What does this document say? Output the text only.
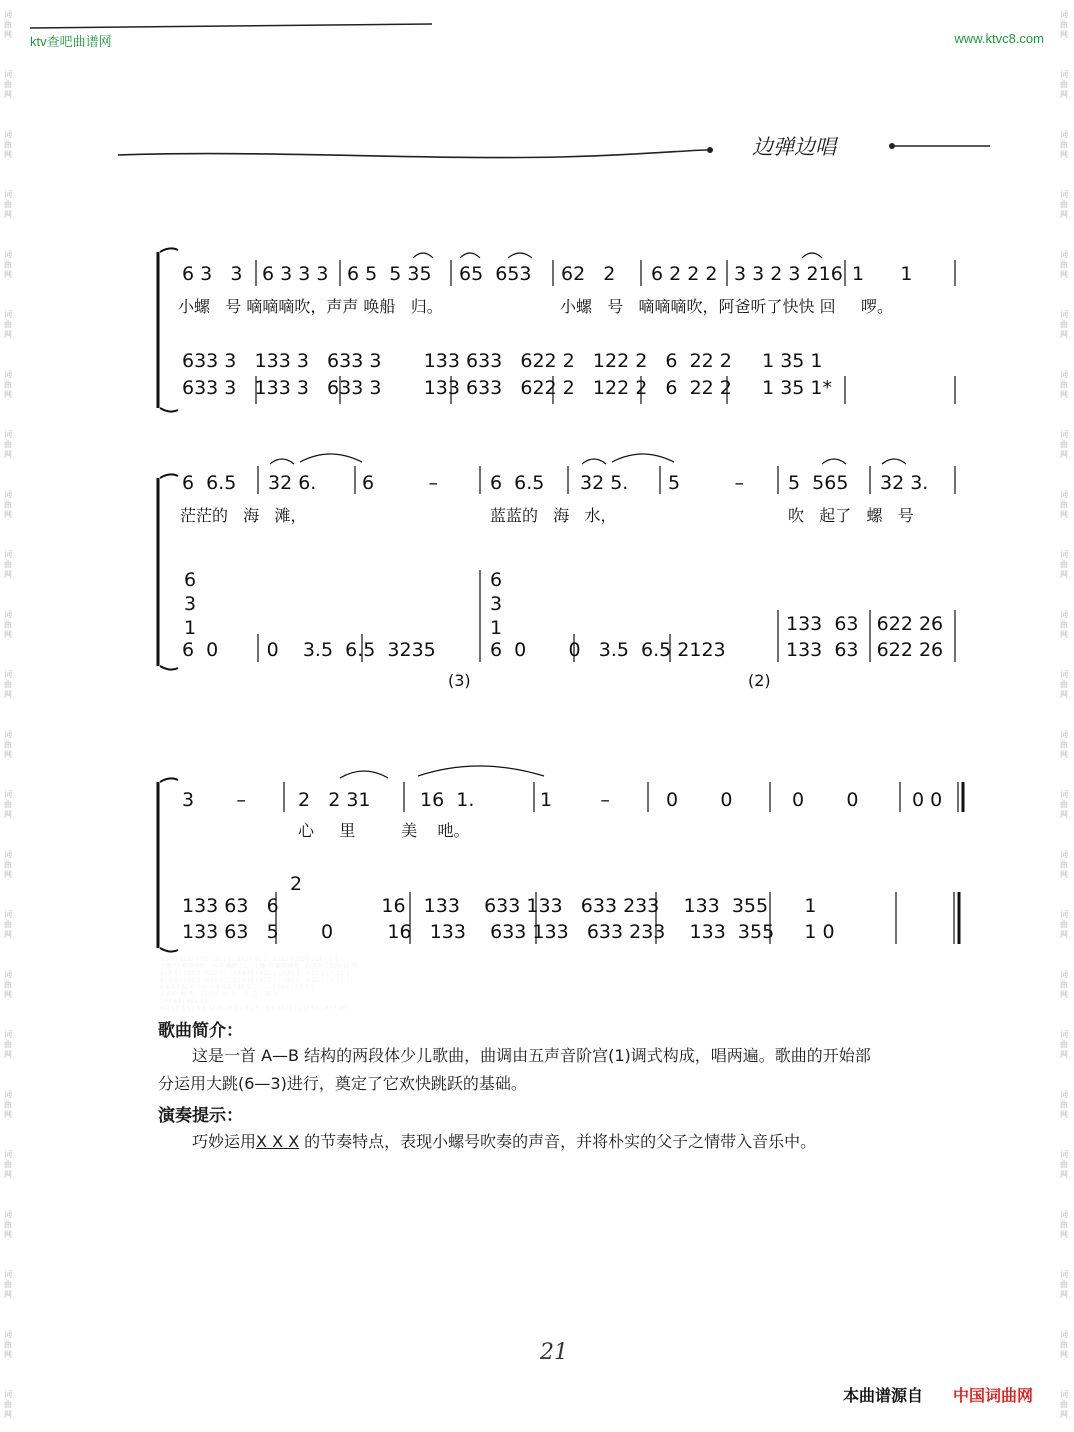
ktv查吧曲谱网	www.ktvc8.com
词曲网
词曲网
词曲网
词曲网
词曲网
词曲网
词曲网
词曲网
词曲网
词曲网
词曲网
词曲网
词曲网
词曲网
词曲网
词曲网
词曲网
词曲网
词曲网
词曲网
词曲网
词曲网
词曲网
词曲网
词曲网
词曲网
词曲网
词曲网
词曲网
词曲网
词曲网
词曲网
词曲网
词曲网
词曲网
词曲网
词曲网
词曲网
词曲网
词曲网
词曲网
词曲网
词曲网
词曲网
词曲网
词曲网
词曲网
词曲网
边弹边唱
6 3   3 6 3 3 3 6 5  5 35 65  653 62   2 6 2 2 2 3 3 2 3 216 1      1
小螺   号 嘀嘀嘀吹，声声 唤船   归。	小螺   号   嘀嘀嘀吹，阿爸听了快快 回     啰。
633 3   133 3   633 3       133 633   622 2   122 2   6  22 2     1 35 1
633 3   133 3   633 3       133 633   622 2   122 2   6  22 2     1 35 1*
6  6.5 32 6. 6         –	6  6.5 32 5. 5         – 5  565 32 3.
茫茫的   海   滩，	蓝蓝的   海   水，	吹   起了   螺   号
6
3
1
6
3
1	133  63   622 26
6  0        0    3.5  6.5  3235	6  0       0   3.5  6.5 2123	133  63   622 26
(3)	(2)
3       –	2   2 31	16  1.	1        –	0       0	0       0	0 0
心     里         美    吔。
2
133 63   6                 16   133    633 133   633 233    133  355      1
133 63   5       0         16   133    633 133   633 233    133  355     1 0
63 3 | 6333 | 65 535 | 65 653 | 62 2 | 6222 | 3323 216 | 1 1 |
小螺 号 嘀嘀嘀吹，声声 唤船 归。 小螺 号 嘀嘀嘀吹，阿爸听了快快 回 啰。
633 3 | 133 3 | 633 3 | 133 633 | 622 2 | 122 2 | 6 22 2 | 1 35 1
633 3 | 133 3 | 633 3 | 133 633 | 622 2 | 122 2 | 6 22 2 | 1 35 1*
6 6.5 | 32 6. | 6 - | 6 6.5 | 32 5. | 5 - | 5 565 | 32 3. |
茫茫的 海 滩， 蓝蓝的 海 水， 吹 起了 螺 号
133 63 | 622 26
6 0 | 0 3.5 | 6.5 3235 | 6 0 | 0 3.5 | 6.5 2123 | 133 63 | 622 26
歌曲简介：
这是一首 A—B 结构的两段体少儿歌曲，曲调由五声音阶宫(1)调式构成，唱两遍。歌曲的开始部
分运用大跳(6—3)进行，奠定了它欢快跳跃的基础。
演奏提示：
巧妙运用X X X 的节奏特点，表现小螺号吹奏的声音，并将朴实的父子之情带入音乐中。
21
本曲谱源自 中国词曲网
